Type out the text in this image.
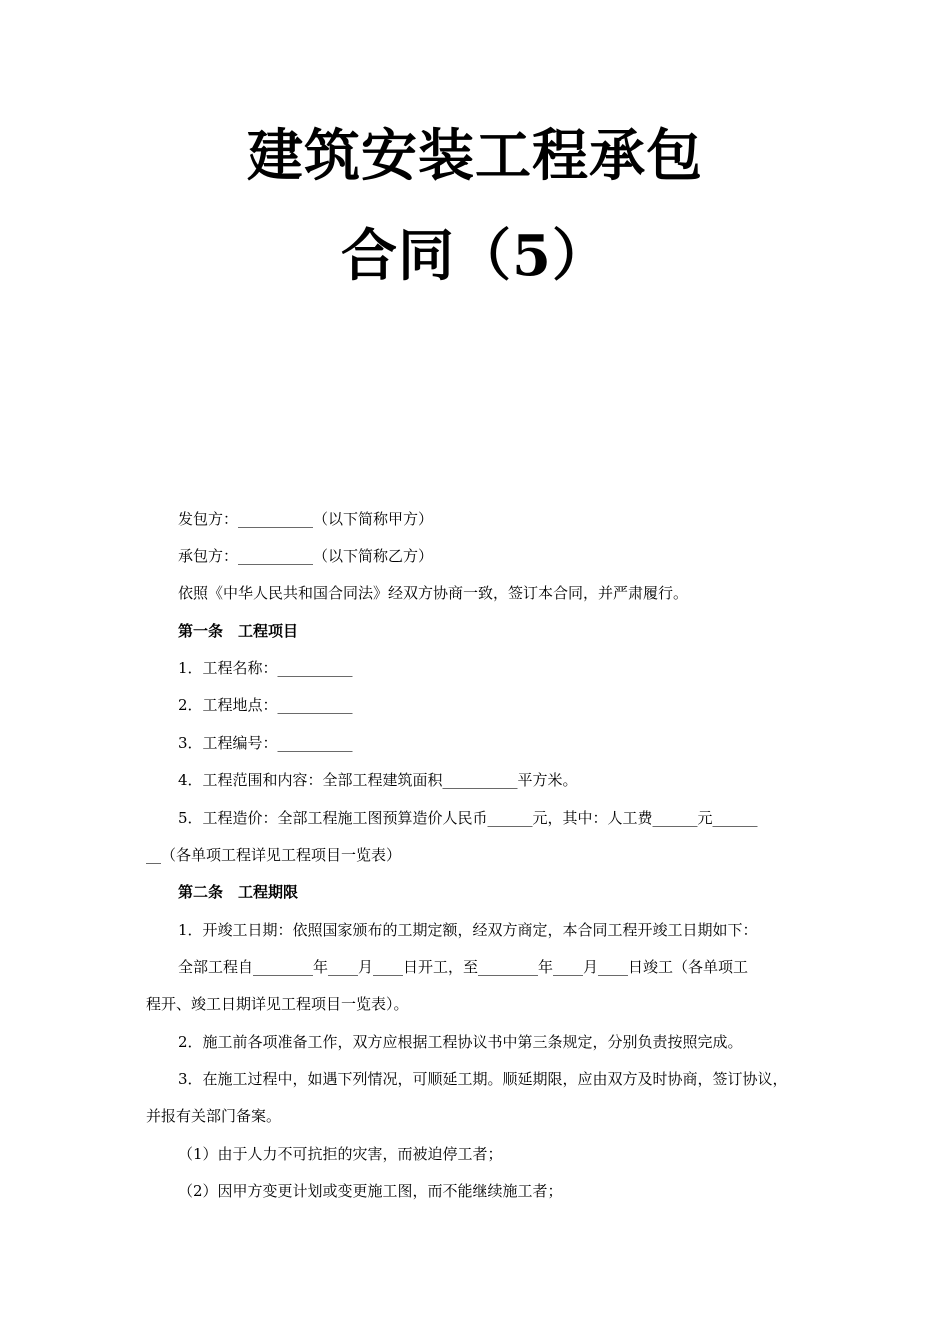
建筑安装工程承包
合同（5）
发包方：__________（以下简称甲方）
承包方：__________（以下简称乙方）
依照《中华人民共和国合同法》经双方协商一致，签订本合同，并严肃履行。
第一条　工程项目
1．工程名称：__________
2．工程地点：__________
3．工程编号：__________
4．工程范围和内容：全部工程建筑面积__________平方米。
5．工程造价：全部工程施工图预算造价人民币______元，其中：人工费______元______
__（各单项工程详见工程项目一览表）
第二条　工程期限
1．开竣工日期：依照国家颁布的工期定额，经双方商定，本合同工程开竣工日期如下：
全部工程自________年____月____日开工，至________年____月____日竣工（各单项工
程开、竣工日期详见工程项目一览表）。
2．施工前各项准备工作，双方应根据工程协议书中第三条规定，分别负责按照完成。
3．在施工过程中，如遇下列情况，可顺延工期。顺延期限，应由双方及时协商，签订协议，
并报有关部门备案。
（1）由于人力不可抗拒的灾害，而被迫停工者；
（2）因甲方变更计划或变更施工图，而不能继续施工者；
